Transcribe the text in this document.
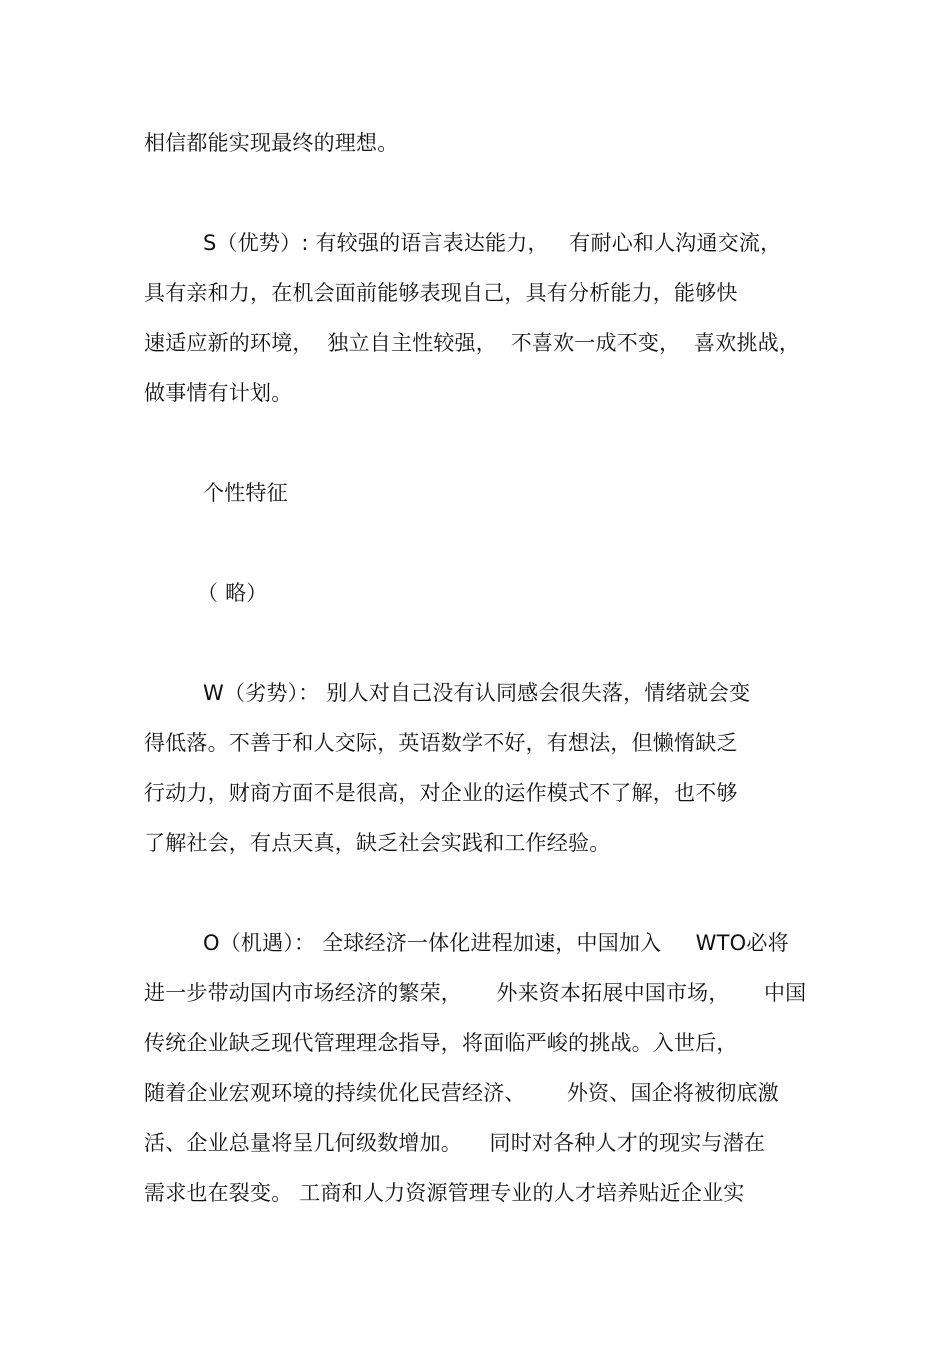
相信都能实现最终的理想。
S（优势）: 有较强的语言表达能力，   有耐心和人沟通交流，
具有亲和力，在机会面前能够表现自己，具有分析能力，能够快
速适应新的环境，  独立自主性较强，  不喜欢一成不变，  喜欢挑战，
做事情有计划。
个性特征
（ 略）
W（劣势）： 别人对自己没有认同感会很失落，情绪就会变
得低落。不善于和人交际，英语数学不好，有想法，但懒惰缺乏
行动力，财商方面不是很高，对企业的运作模式不了解，也不够
了解社会，有点天真，缺乏社会实践和工作经验。
O（机遇）： 全球经济一体化进程加速，中国加入     WTO必将
进一步带动国内市场经济的繁荣，     外来资本拓展中国市场，     中国
传统企业缺乏现代管理理念指导，将面临严峻的挑战。入世后，
随着企业宏观环境的持续优化民营经济、      外资、国企将被彻底激
活、企业总量将呈几何级数增加。    同时对各种人才的现实与潜在
需求也在裂变。 工商和人力资源管理专业的人才培养贴近企业实
